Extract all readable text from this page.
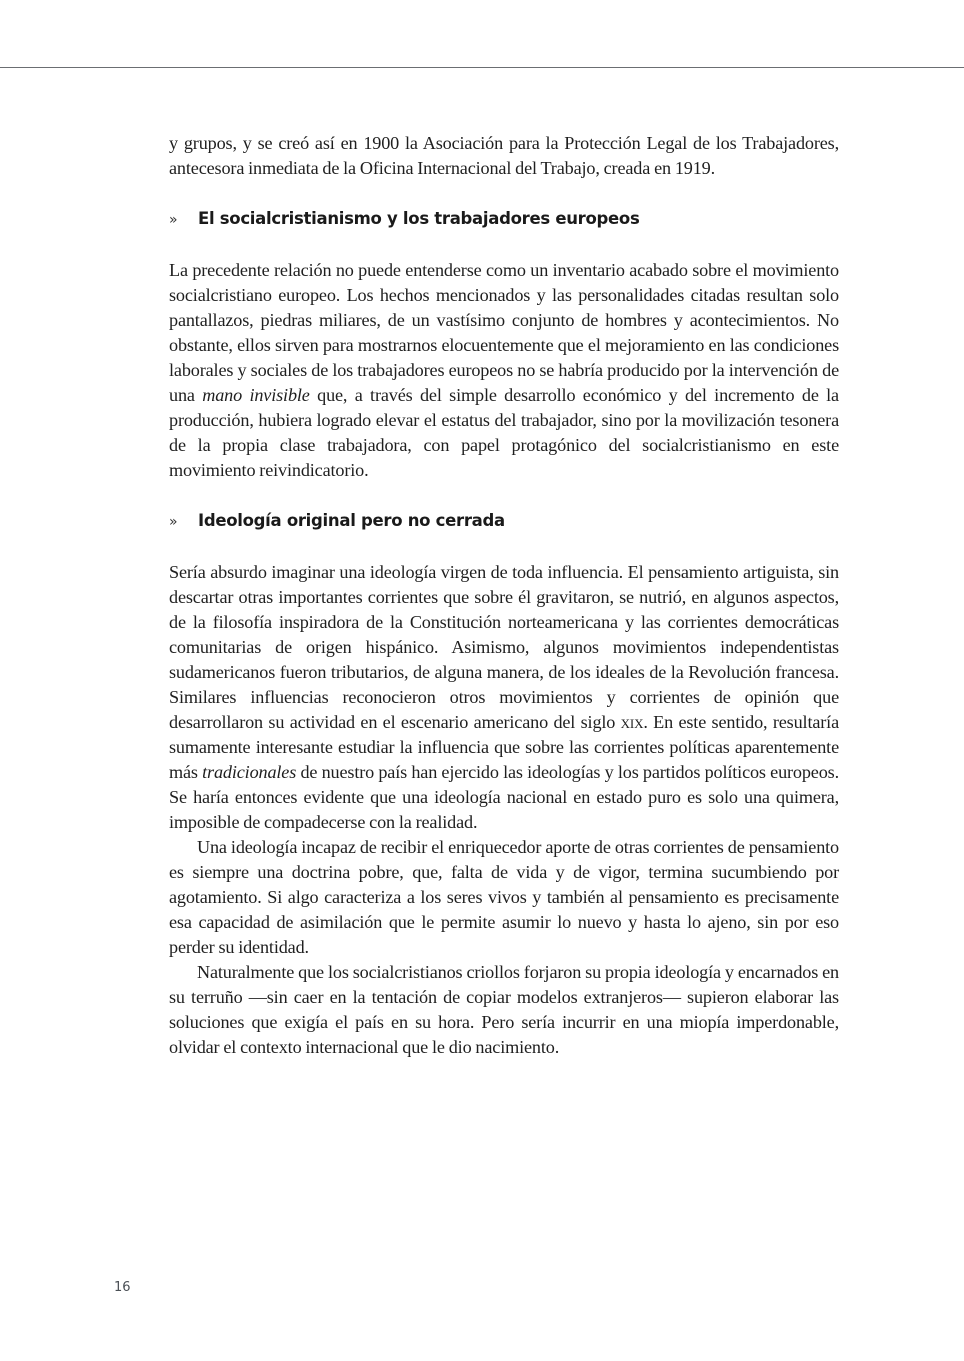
y grupos, y se creó así en 1900 la Asociación para la Protección Legal de los Trabajadores, antecesora inmediata de la Oficina Internacional del Trabajo, creada en 1919.

»	El socialcristianismo y los trabajadores europeos

La precedente relación no puede entenderse como un inventario acabado sobre el movimiento socialcristiano europeo. Los hechos mencionados y las personalidades citadas resultan solo pantallazos, piedras miliares, de un vastísimo conjunto de hombres y acontecimientos. No obstante, ellos sirven para mostrarnos elocuentemente que el mejoramiento en las condiciones laborales y sociales de los trabajadores europeos no se habría producido por la intervención de una mano invisible que, a través del simple desarrollo económico y del incremento de la producción, hubiera logrado elevar el estatus del trabajador, sino por la movilización tesonera de la propia clase trabajadora, con papel protagónico del socialcristianismo en este movimiento reivindicatorio.

»	Ideología original pero no cerrada

Sería absurdo imaginar una ideología virgen de toda influencia. El pensamiento artiguista, sin descartar otras importantes corrientes que sobre él gravitaron, se nutrió, en algunos aspectos, de la filosofía inspiradora de la Constitución norteamericana y las corrientes democráticas comunitarias de origen hispánico. Asimismo, algunos movimientos independentistas sudamericanos fueron tributarios, de alguna manera, de los ideales de la Revolución francesa. Similares influencias reconocieron otros movimientos y corrientes de opinión que desarrollaron su actividad en el escenario americano del siglo xix. En este sentido, resultaría sumamente interesante estudiar la influencia que sobre las corrientes políticas aparentemente más tradicionales de nuestro país han ejercido las ideologías y los partidos políticos europeos. Se haría entonces evidente que una ideología nacional en estado puro es solo una quimera, imposible de compadecerse con la realidad.

Una ideología incapaz de recibir el enriquecedor aporte de otras corrientes de pensamiento es siempre una doctrina pobre, que, falta de vida y de vigor, termina sucumbiendo por agotamiento. Si algo caracteriza a los seres vivos y también al pensamiento es precisamente esa capacidad de asimilación que le permite asumir lo nuevo y hasta lo ajeno, sin por eso perder su identidad.

Naturalmente que los socialcristianos criollos forjaron su propia ideología y encarnados en su terruño —sin caer en la tentación de copiar modelos extranjeros— supieron elaborar las soluciones que exigía el país en su hora. Pero sería incurrir en una miopía imperdonable, olvidar el contexto internacional que le dio nacimiento.

16
